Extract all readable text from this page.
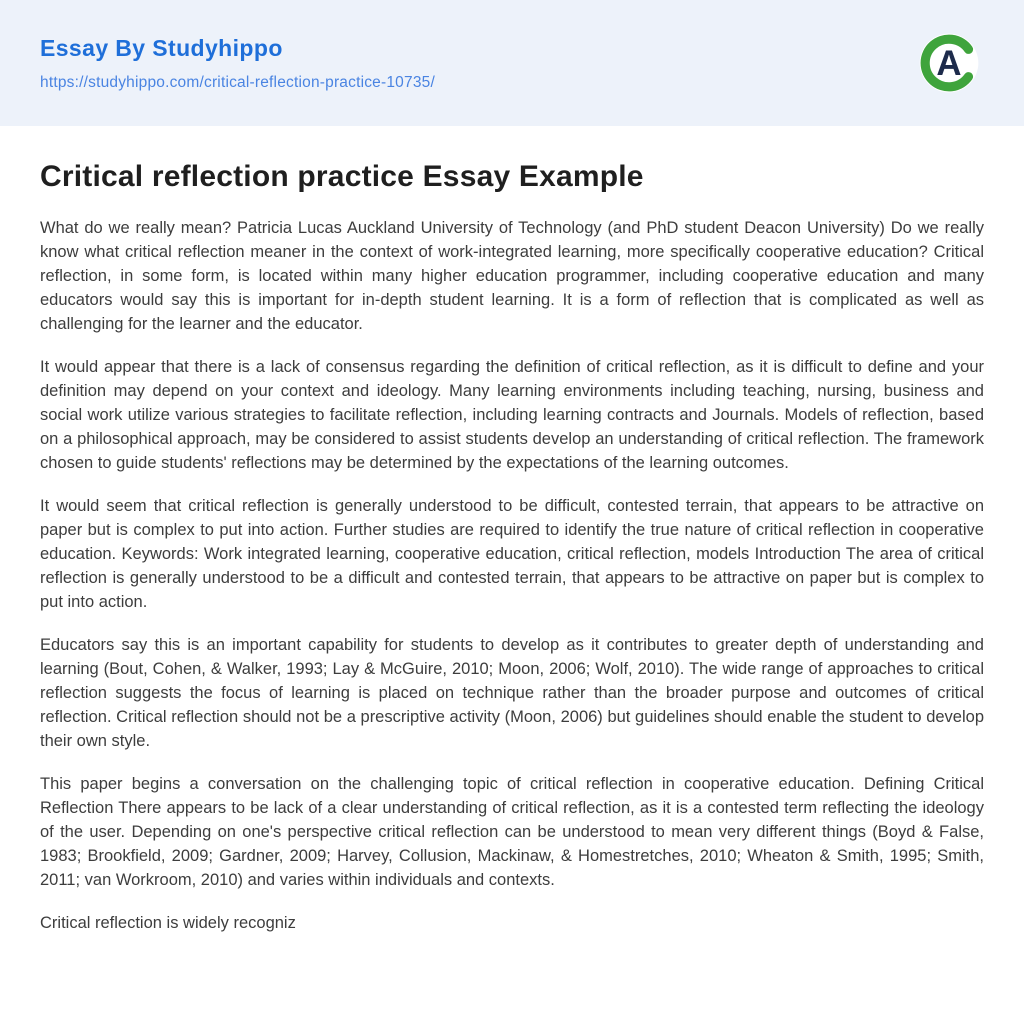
Essay By Studyhippo
https://studyhippo.com/critical-reflection-practice-10735/	A
Critical reflection practice Essay Example

What do we really mean? Patricia Lucas Auckland University of Technology (and PhD student Deacon University) Do we really know what critical reflection meaner in the context of work-integrated learning, more specifically cooperative education? Critical reflection, in some form, is located within many higher education programmer, including cooperative education and many educators would say this is important for in-depth student learning. It is a form of reflection that is complicated as well as challenging for the learner and the educator.

It would appear that there is a lack of consensus regarding the definition of critical reflection, as it is difficult to define and your definition may depend on your context and ideology. Many learning environments including teaching, nursing, business and social work utilize various strategies to facilitate reflection, including learning contracts and Journals. Models of reflection, based on a philosophical approach, may be considered to assist students develop an understanding of critical reflection. The framework chosen to guide students' reflections may be determined by the expectations of the learning outcomes.

It would seem that critical reflection is generally understood to be difficult, contested terrain, that appears to be attractive on paper but is complex to put into action. Further studies are required to identify the true nature of critical reflection in cooperative education. Keywords: Work integrated learning, cooperative education, critical reflection, models Introduction The area of critical reflection is generally understood to be a difficult and contested terrain, that appears to be attractive on paper but is complex to put into action.

Educators say this is an important capability for students to develop as it contributes to greater depth of understanding and learning (Bout, Cohen, & Walker, 1993; Lay & McGuire, 2010; Moon, 2006; Wolf, 2010). The wide range of approaches to critical reflection suggests the focus of learning is placed on technique rather than the broader purpose and outcomes of critical reflection. Critical reflection should not be a prescriptive activity (Moon, 2006) but guidelines should enable the student to develop their own style.

This paper begins a conversation on the challenging topic of critical reflection in cooperative education. Defining Critical Reflection There appears to be lack of a clear understanding of critical reflection, as it is a contested term reflecting the ideology of the user. Depending on one's perspective critical reflection can be understood to mean very different things (Boyd & False, 1983; Brookfield, 2009; Gardner, 2009; Harvey, Collusion, Mackinaw, & Homestretches, 2010; Wheaton & Smith, 1995; Smith, 2011; van Workroom, 2010) and varies within individuals and contexts.

Critical reflection is widely recogniz
